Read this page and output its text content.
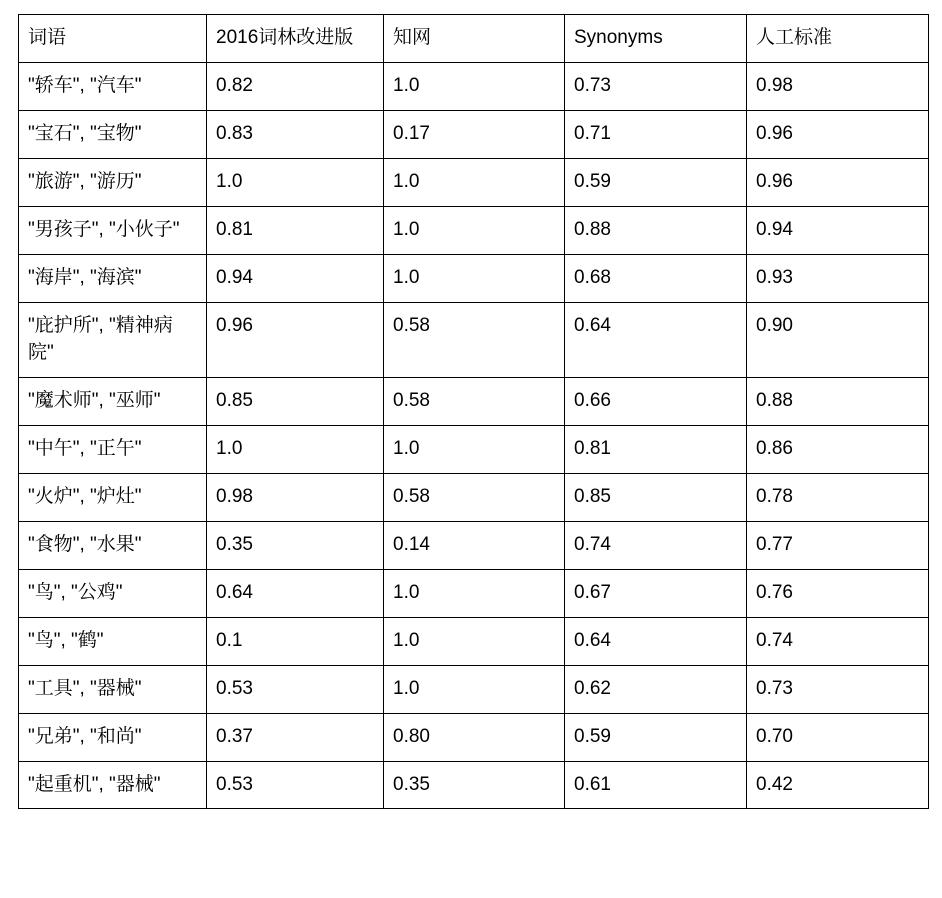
词语	2016词林改进版	知网	Synonyms	人工标准
"轿车", "汽车"	0.82	1.0	0.73	0.98
"宝石", "宝物"	0.83	0.17	0.71	0.96
"旅游", "游历"	1.0	1.0	0.59	0.96
"男孩子", "小伙子"	0.81	1.0	0.88	0.94
"海岸", "海滨"	0.94	1.0	0.68	0.93
"庇护所", "精神病院"	0.96	0.58	0.64	0.90
"魔术师", "巫师"	0.85	0.58	0.66	0.88
"中午", "正午"	1.0	1.0	0.81	0.86
"火炉", "炉灶"	0.98	0.58	0.85	0.78
"食物", "水果"	0.35	0.14	0.74	0.77
"鸟", "公鸡"	0.64	1.0	0.67	0.76
"鸟", "鹤"	0.1	1.0	0.64	0.74
"工具", "器械"	0.53	1.0	0.62	0.73
"兄弟", "和尚"	0.37	0.80	0.59	0.70
"起重机", "器械"	0.53	0.35	0.61	0.42
